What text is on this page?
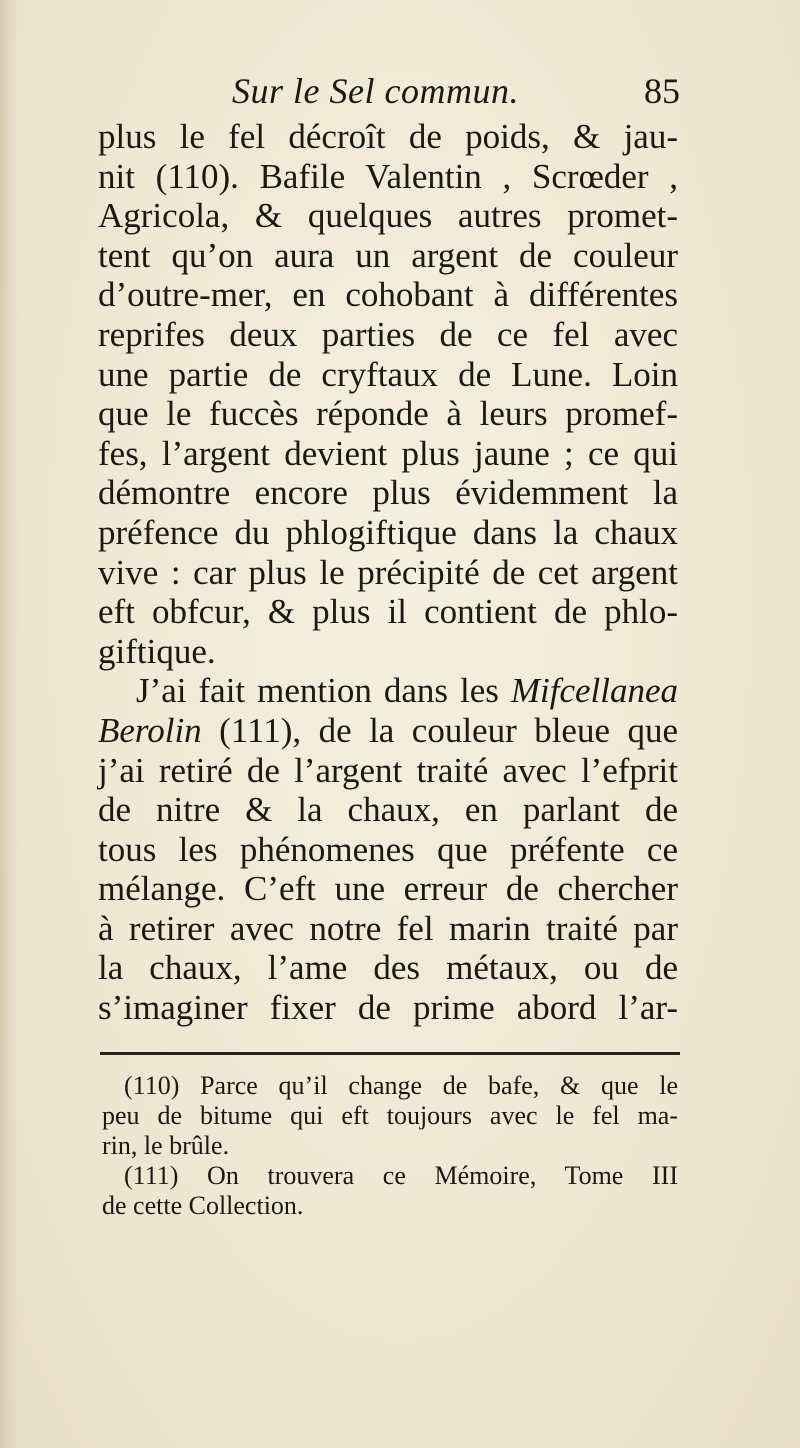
Sur le Sel commun.	85
plus le fel décroît de poids, & jau-
nit (110). Bafile Valentin , Scrœder ,
Agricola, & quelques autres promet-
tent qu’on aura un argent de couleur
d’outre-mer, en cohobant à différentes
reprifes deux parties de ce fel avec
une partie de cryftaux de Lune. Loin
que le fuccès réponde à leurs promef-
fes, l’argent devient plus jaune ; ce qui
démontre encore plus évidemment la
préfence du phlogiftique dans la chaux
vive : car plus le précipité de cet argent
eft obfcur, & plus il contient de phlo-
giftique.
J’ai fait mention dans les Mifcellanea
Berolin (111), de la couleur bleue que
j’ai retiré de l’argent traité avec l’efprit
de nitre & la chaux, en parlant de
tous les phénomenes que préfente ce
mélange. C’eft une erreur de chercher
à retirer avec notre fel marin traité par
la chaux, l’ame des métaux, ou de
s’imaginer fixer de prime abord l’ar-
(110) Parce qu’il change de bafe, & que le
peu de bitume qui eft toujours avec le fel ma-
rin, le brûle.
(111) On trouvera ce Mémoire, Tome III
de cette Collection.
